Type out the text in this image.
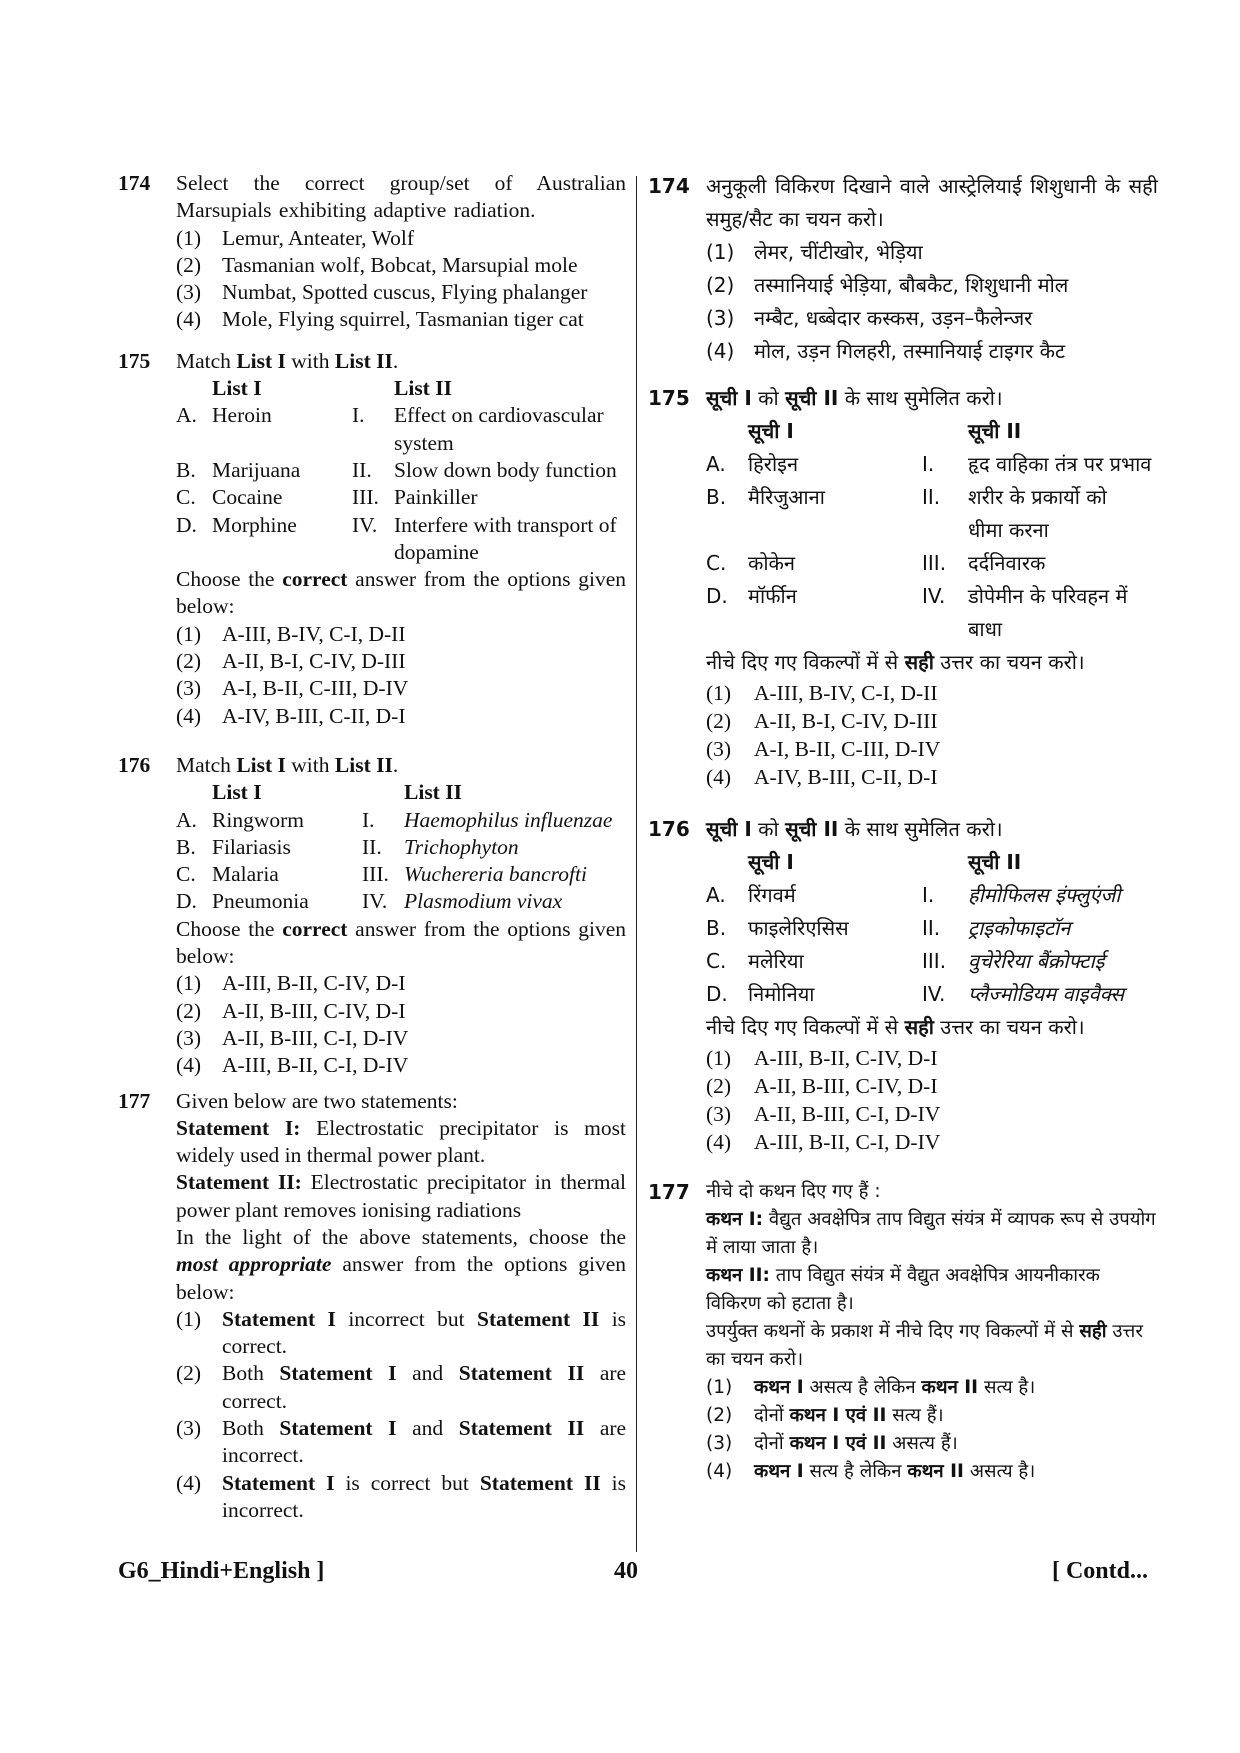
174	Select the correct group/set of Australian Marsupials exhibiting adaptive radiation.
(1) Lemur, Anteater, Wolf
(2) Tasmanian wolf, Bobcat, Marsupial mole
(3) Numbat, Spotted cuscus, Flying phalanger
(4) Mole, Flying squirrel, Tasmanian tiger cat
175	Match List I with List II.
List I	List II
A. Heroin	I.	Effect on cardiovascular system
B. Marijuana II.	Slow down body function
C. Cocaine	III. Painkiller
D. Morphine	IV. Interfere with transport of dopamine
Choose the correct answer from the options given below:
(1) A-III, B-IV, C-I, D-II
(2) A-II, B-I, C-IV, D-III
(3) A-I, B-II, C-III, D-IV
(4) A-IV, B-III, C-II, D-I
176	Match List I with List II.
List I	List II
A. Ringworm	I.	Haemophilus influenzae
B. Filariasis	II.	Trichophyton
C. Malaria	III. Wuchereria bancrofti
D. Pneumonia IV. Plasmodium vivax
Choose the correct answer from the options given below:
(1) A-III, B-II, C-IV, D-I
(2) A-II, B-III, C-IV, D-I
(3) A-II, B-III, C-I, D-IV
(4) A-III, B-II, C-I, D-IV
177	Given below are two statements:
Statement I: Electrostatic precipitator is most widely used in thermal power plant.
Statement II: Electrostatic precipitator in thermal power plant removes ionising radiations
In the light of the above statements, choose the most appropriate answer from the options given below:
(1) Statement I incorrect but Statement II is correct.
(2) Both Statement I and Statement II are correct.
(3) Both Statement I and Statement II are incorrect.
(4) Statement I is correct but Statement II is incorrect.
174 अनुकूली विकिरण दिखाने वाले आस्ट्रेलियाई शिशुधानी के सही समुह/सैट का चयन करो।
(1) लेमर, चींटीखोर, भेड़िया
(2) तस्मानियाई भेड़िया, बौबकैट, शिशुधानी मोल
(3) नम्बैट, धब्बेदार कस्कस, उड़न–फैलेन्जर
(4) मोल, उड़न गिलहरी, तस्मानियाई टाइगर कैट
175 सूची I को सूची II के साथ सुमेलित करो।
सूची I	सूची II
A.	हिरोइन	I.	हृद वाहिका तंत्र पर प्रभाव
B.	मैरिजुआना	II.	शरीर के प्रकार्यो को धीमा करना
C.	कोकेन	III.	दर्दनिवारक
D.	मॉर्फीन	IV.	डोपेमीन के परिवहन में बाधा
नीचे दिए गए विकल्पों में से सही उत्तर का चयन करो।
(1)	A-III, B-IV, C-I, D-II
(2)	A-II, B-I, C-IV, D-III
(3)	A-I, B-II, C-III, D-IV
(4)	A-IV, B-III, C-II, D-I
176 सूची I को सूची II के साथ सुमेलित करो।
सूची I	सूची II
A.	रिंगवर्म	I.	हीमोफिलस इंफ्लुएंजी
B.	फाइलेरिएसिस	II.	ट्राइकोफाइटॉन
C.	मलेरिया	III.	वुचेरेरिया बैंक्रोफ्टाई
D.	निमोनिया	IV.	प्लैज्मोडियम वाइवैक्स
नीचे दिए गए विकल्पों में से सही उत्तर का चयन करो।
(1)	A-III, B-II, C-IV, D-I
(2)	A-II, B-III, C-IV, D-I
(3)	A-II, B-III, C-I, D-IV
(4)	A-III, B-II, C-I, D-IV
177 नीचे दो कथन दिए गए हैं :
कथन I: वैद्युत अवक्षेपित्र ताप विद्युत संयंत्र में व्यापक रूप से उपयोग में लाया जाता है।
कथन II: ताप विद्युत संयंत्र में वैद्युत अवक्षेपित्र आयनीकारक विकिरण को हटाता है।
उपर्युक्त कथनों के प्रकाश में नीचे दिए गए विकल्पों में से सही उत्तर का चयन करो।
(1)	कथन I असत्य है लेकिन कथन II सत्य है।
(2)	दोनों कथन I एवं II सत्य हैं।
(3)	दोनों कथन I एवं II असत्य हैं।
(4)	कथन I सत्य है लेकिन कथन II असत्य है।
G6_Hindi+English ]	40	[ Contd...
